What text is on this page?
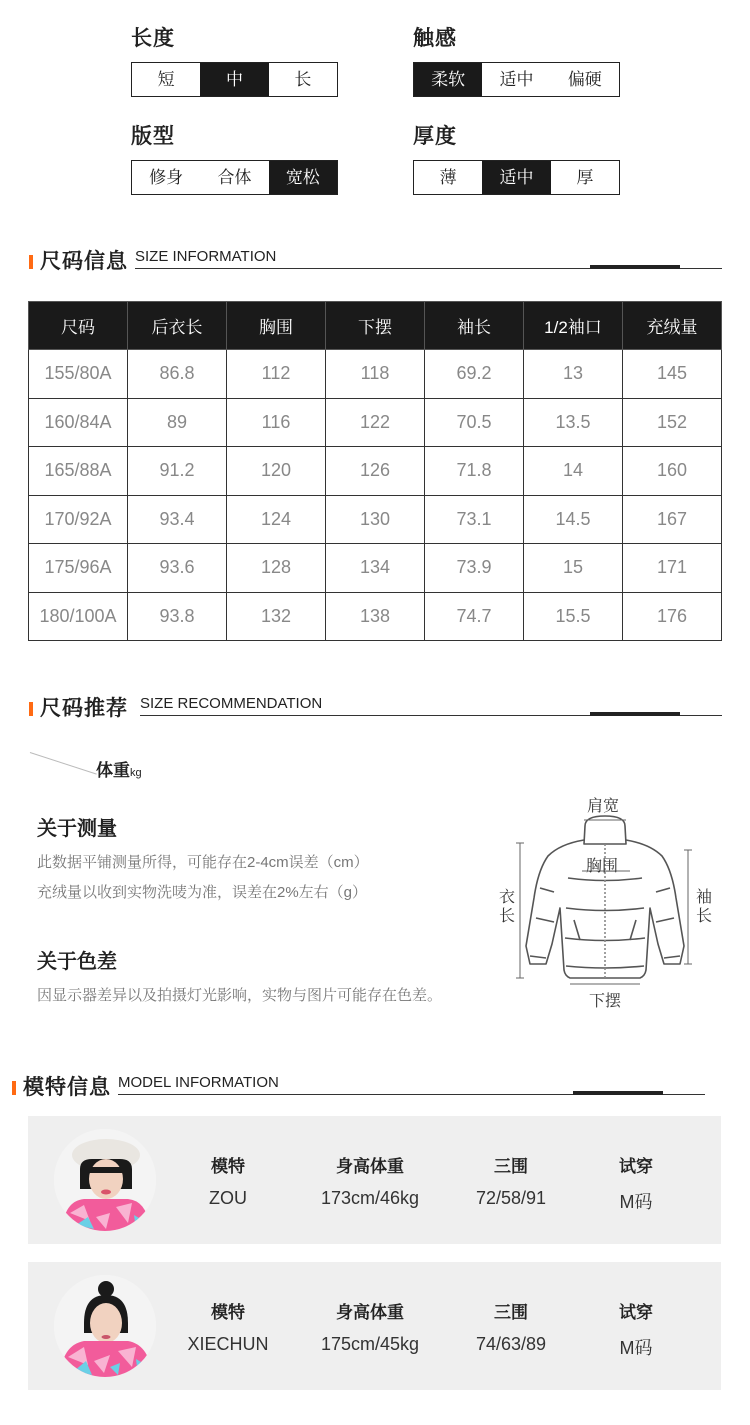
长度
短	中	长
触感
柔软	适中	偏硬
版型
修身	合体	宽松
厚度
薄	适中	厚
尺码信息 SIZE INFORMATION
尺码	后衣长	胸围	下摆	袖长	1/2袖口	充绒量
155/80A	86.8	112	118	69.2	13	145
160/84A	89	116	122	70.5	13.5	152
165/88A	91.2	120	126	71.8	14	160
170/92A	93.4	124	130	73.1	14.5	167
175/96A	93.6	128	134	73.9	15	171
180/100A	93.8	132	138	74.7	15.5	176
尺码推荐 SIZE RECOMMENDATION
体重kg
关于测量
此数据平铺测量所得，可能存在2-4cm误差（cm）
充绒量以收到实物洗唛为准，误差在2%左右（g）
关于色差
因显示器差异以及拍摄灯光影响，实物与图片可能存在色差。
肩宽
胸围
衣长
袖长
下摆
模特信息 MODEL INFORMATION
模特	身高体重	三围	试穿
ZOU	173cm/46kg	72/58/91	M码
模特	身高体重	三围	试穿
XIECHUN	175cm/45kg	74/63/89	M码
